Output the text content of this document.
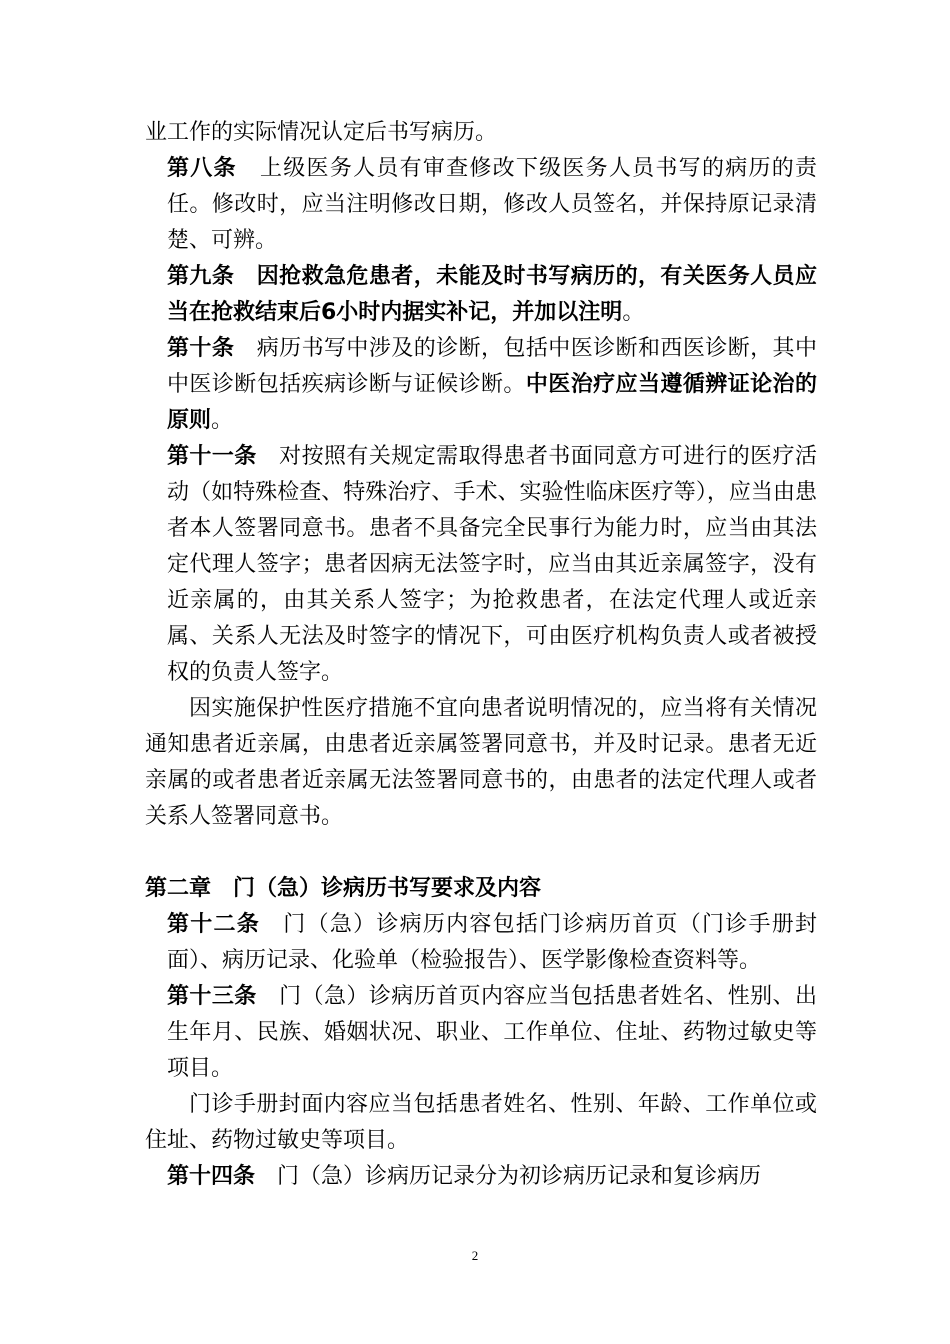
业工作的实际情况认定后书写病历。

第八条 上级医务人员有审查修改下级医务人员书写的病历的责任。修改时，应当注明修改日期，修改人员签名，并保持原记录清楚、可辨。

第九条 因抢救急危患者，未能及时书写病历的，有关医务人员应当在抢救结束后6小时内据实补记，并加以注明。

第十条 病历书写中涉及的诊断，包括中医诊断和西医诊断，其中中医诊断包括疾病诊断与证候诊断。中医治疗应当遵循辨证论治的原则。

第十一条 对按照有关规定需取得患者书面同意方可进行的医疗活动（如特殊检查、特殊治疗、手术、实验性临床医疗等），应当由患者本人签署同意书。患者不具备完全民事行为能力时，应当由其法定代理人签字；患者因病无法签字时，应当由其近亲属签字，没有近亲属的，由其关系人签字；为抢救患者，在法定代理人或近亲属、关系人无法及时签字的情况下，可由医疗机构负责人或者被授权的负责人签字。

因实施保护性医疗措施不宜向患者说明情况的，应当将有关情况通知患者近亲属，由患者近亲属签署同意书，并及时记录。患者无近亲属的或者患者近亲属无法签署同意书的，由患者的法定代理人或者关系人签署同意书。

第二章 门（急）诊病历书写要求及内容

第十二条 门（急）诊病历内容包括门诊病历首页（门诊手册封面）、病历记录、化验单（检验报告）、医学影像检查资料等。

第十三条 门（急）诊病历首页内容应当包括患者姓名、性别、出生年月、民族、婚姻状况、职业、工作单位、住址、药物过敏史等项目。

门诊手册封面内容应当包括患者姓名、性别、年龄、工作单位或住址、药物过敏史等项目。

第十四条 门（急）诊病历记录分为初诊病历记录和复诊病历

2
